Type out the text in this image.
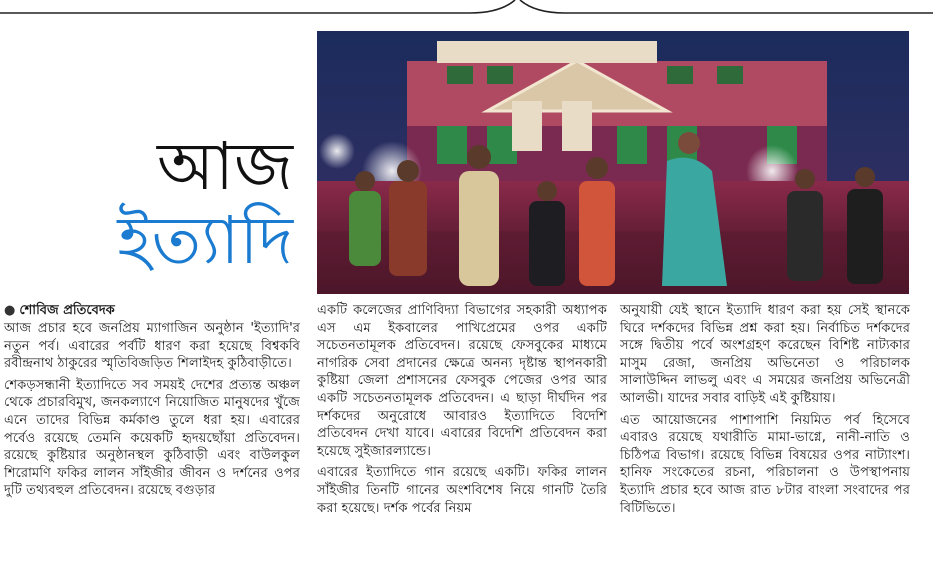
আজ
ইত্যাদি
● শোবিজ প্রতিবেদক

আজ প্রচার হবে জনপ্রিয় ম্যাগাজিন অনুষ্ঠান 'ইত্যাদি'র নতুন পর্ব। এবারের পর্বটি ধারণ করা হয়েছে বিশ্বকবি রবীন্দ্রনাথ ঠাকুরের স্মৃতিবিজড়িত শিলাইদহ কুঠিবাড়ীতে।

শেকড়সন্ধানী ইত্যাদিতে সব সময়ই দেশের প্রত্যন্ত অঞ্চল থেকে প্রচারবিমুখ, জনকল্যাণে নিয়োজিত মানুষদের খুঁজে এনে তাদের বিভিন্ন কর্মকাণ্ড তুলে ধরা হয়। এবারের পর্বেও রয়েছে তেমনি কয়েকটি হৃদয়ছোঁয়া প্রতিবেদন। রয়েছে কুষ্টিয়ার অনুষ্ঠানস্থল কুঠিবাড়ী এবং বাউলকুল শিরোমণি ফকির লালন সাঁইজীর জীবন ও দর্শনের ওপর দুটি তথ্যবহুল প্রতিবেদন। রয়েছে বগুড়ার

একটি কলেজের প্রাণিবিদ্যা বিভাগের সহকারী অধ্যাপক এস এম ইকবালের পাখিপ্রেমের ওপর একটি সচেতনতামূলক প্রতিবেদন। রয়েছে ফেসবুকের মাধ্যমে নাগরিক সেবা প্রদানের ক্ষেত্রে অনন্য দৃষ্টান্ত স্থাপনকারী কুষ্টিয়া জেলা প্রশাসনের ফেসবুক পেজের ওপর আর একটি সচেতনতামূলক প্রতিবেদন। এ ছাড়া দীর্ঘদিন পর দর্শকদের অনুরোধে আবারও ইত্যাদিতে বিদেশি প্রতিবেদন দেখা যাবে। এবারের বিদেশি প্রতিবেদন করা হয়েছে সুইজারল্যান্ডে।

এবারের ইত্যাদিতে গান রয়েছে একটি। ফকির লালন সাঁইজীর তিনটি গানের অংশবিশেষ নিয়ে গানটি তৈরি করা হয়েছে। দর্শক পর্বের নিয়ম

অনুযায়ী যেই স্থানে ইত্যাদি ধারণ করা হয় সেই স্থানকে ঘিরে দর্শকদের বিভিন্ন প্রশ্ন করা হয়। নির্বাচিত দর্শকদের সঙ্গে দ্বিতীয় পর্বে অংশগ্রহণ করেছেন বিশিষ্ট নাট্যকার মাসুম রেজা, জনপ্রিয় অভিনেতা ও পরিচালক সালাউদ্দিন লাভলু এবং এ সময়ের জনপ্রিয় অভিনেত্রী আলভী। যাদের সবার বাড়িই এই কুষ্টিয়ায়।

এত আয়োজনের পাশাপাশি নিয়মিত পর্ব হিসেবে এবারও রয়েছে যথারীতি মামা-ভাগ্নে, নানী-নাতি ও চিঠিপত্র বিভাগ। রয়েছে বিভিন্ন বিষয়ের ওপর নাট্যাংশ। হানিফ সংকেতের রচনা, পরিচালনা ও উপস্থাপনায় ইত্যাদি প্রচার হবে আজ রাত ৮টার বাংলা সংবাদের পর বিটিভিতে।
